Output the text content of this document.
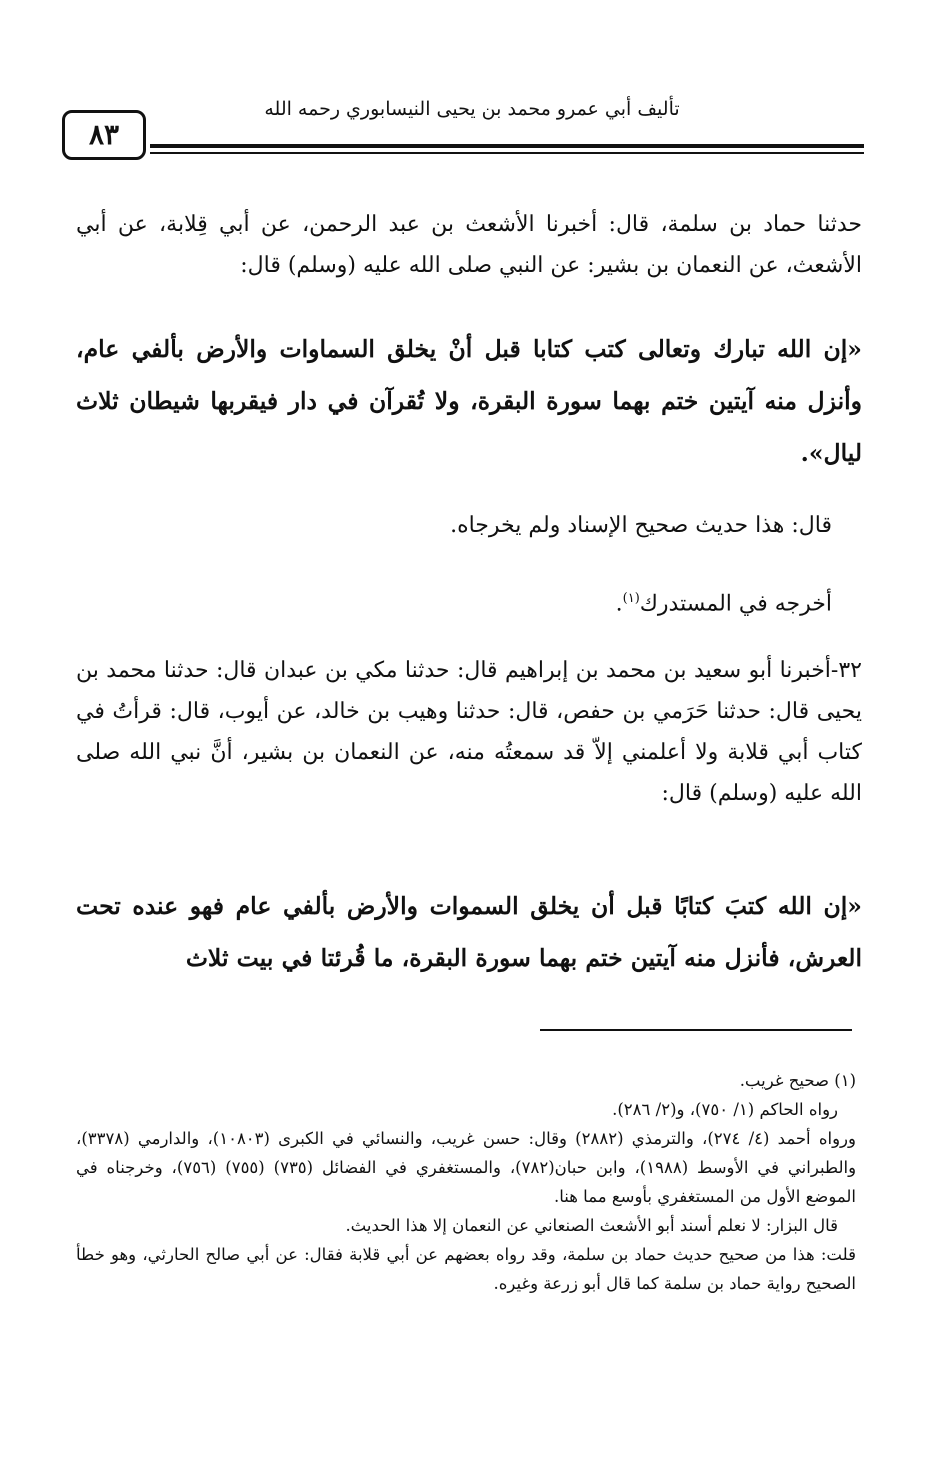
تأليف أبي عمرو محمد بن يحيى النيسابوري رحمه الله
٨٣

حدثنا حماد بن سلمة، قال: أخبرنا الأشعث بن عبد الرحمن، عن أبي قِلابة، عن أبي الأشعث، عن النعمان بن بشير: عن النبي صلى الله عليه (وسلم) قال:

«إن الله تبارك وتعالى كتب كتابا قبل أنْ يخلق السماوات والأرض بألفي عام، وأنزل منه آيتين ختم بهما سورة البقرة، ولا تُقرآن في دار فيقربها شيطان ثلاث ليال».

قال: هذا حديث صحيح الإسناد ولم يخرجاه.

أخرجه في المستدرك$^{(١)}$.

٣٢-أخبرنا أبو سعيد بن محمد بن إبراهيم قال: حدثنا مكي بن عبدان قال: حدثنا محمد بن يحيى قال: حدثنا حَرَمي بن حفص، قال: حدثنا وهيب بن خالد، عن أيوب، قال: قرأتُ في كتاب أبي قلابة ولا أعلمني إلاّ قد سمعتُه منه، عن النعمان بن بشير، أنَّ نبي الله صلى الله عليه (وسلم) قال:

«إن الله كتبَ كتابًا قبل أن يخلق السموات والأرض بألفي عام فهو عنده تحت العرش، فأنزل منه آيتين ختم بهما سورة البقرة، ما قُرئتا في بيت ثلاث

(١) صحيح غريب.

رواه الحاكم (١/ ٧٥٠)، و(٢/ ٢٨٦).

ورواه أحمد (٤/ ٢٧٤)، والترمذي (٢٨٨٢) وقال: حسن غريب، والنسائي في الكبرى (١٠٨٠٣)، والدارمي (٣٣٧٨)، والطبراني في الأوسط (١٩٨٨)، وابن حبان(٧٨٢)، والمستغفري في الفضائل (٧٣٥) (٧٥٥) (٧٥٦)، وخرجناه في الموضع الأول من المستغفري بأوسع مما هنا.

قال البزار: لا نعلم أسند أبو الأشعث الصنعاني عن النعمان إلا هذا الحديث.

قلت: هذا من صحيح حديث حماد بن سلمة، وقد رواه بعضهم عن أبي قلابة فقال: عن أبي صالح الحارثي، وهو خطأ الصحيح رواية حماد بن سلمة كما قال أبو زرعة وغيره.
